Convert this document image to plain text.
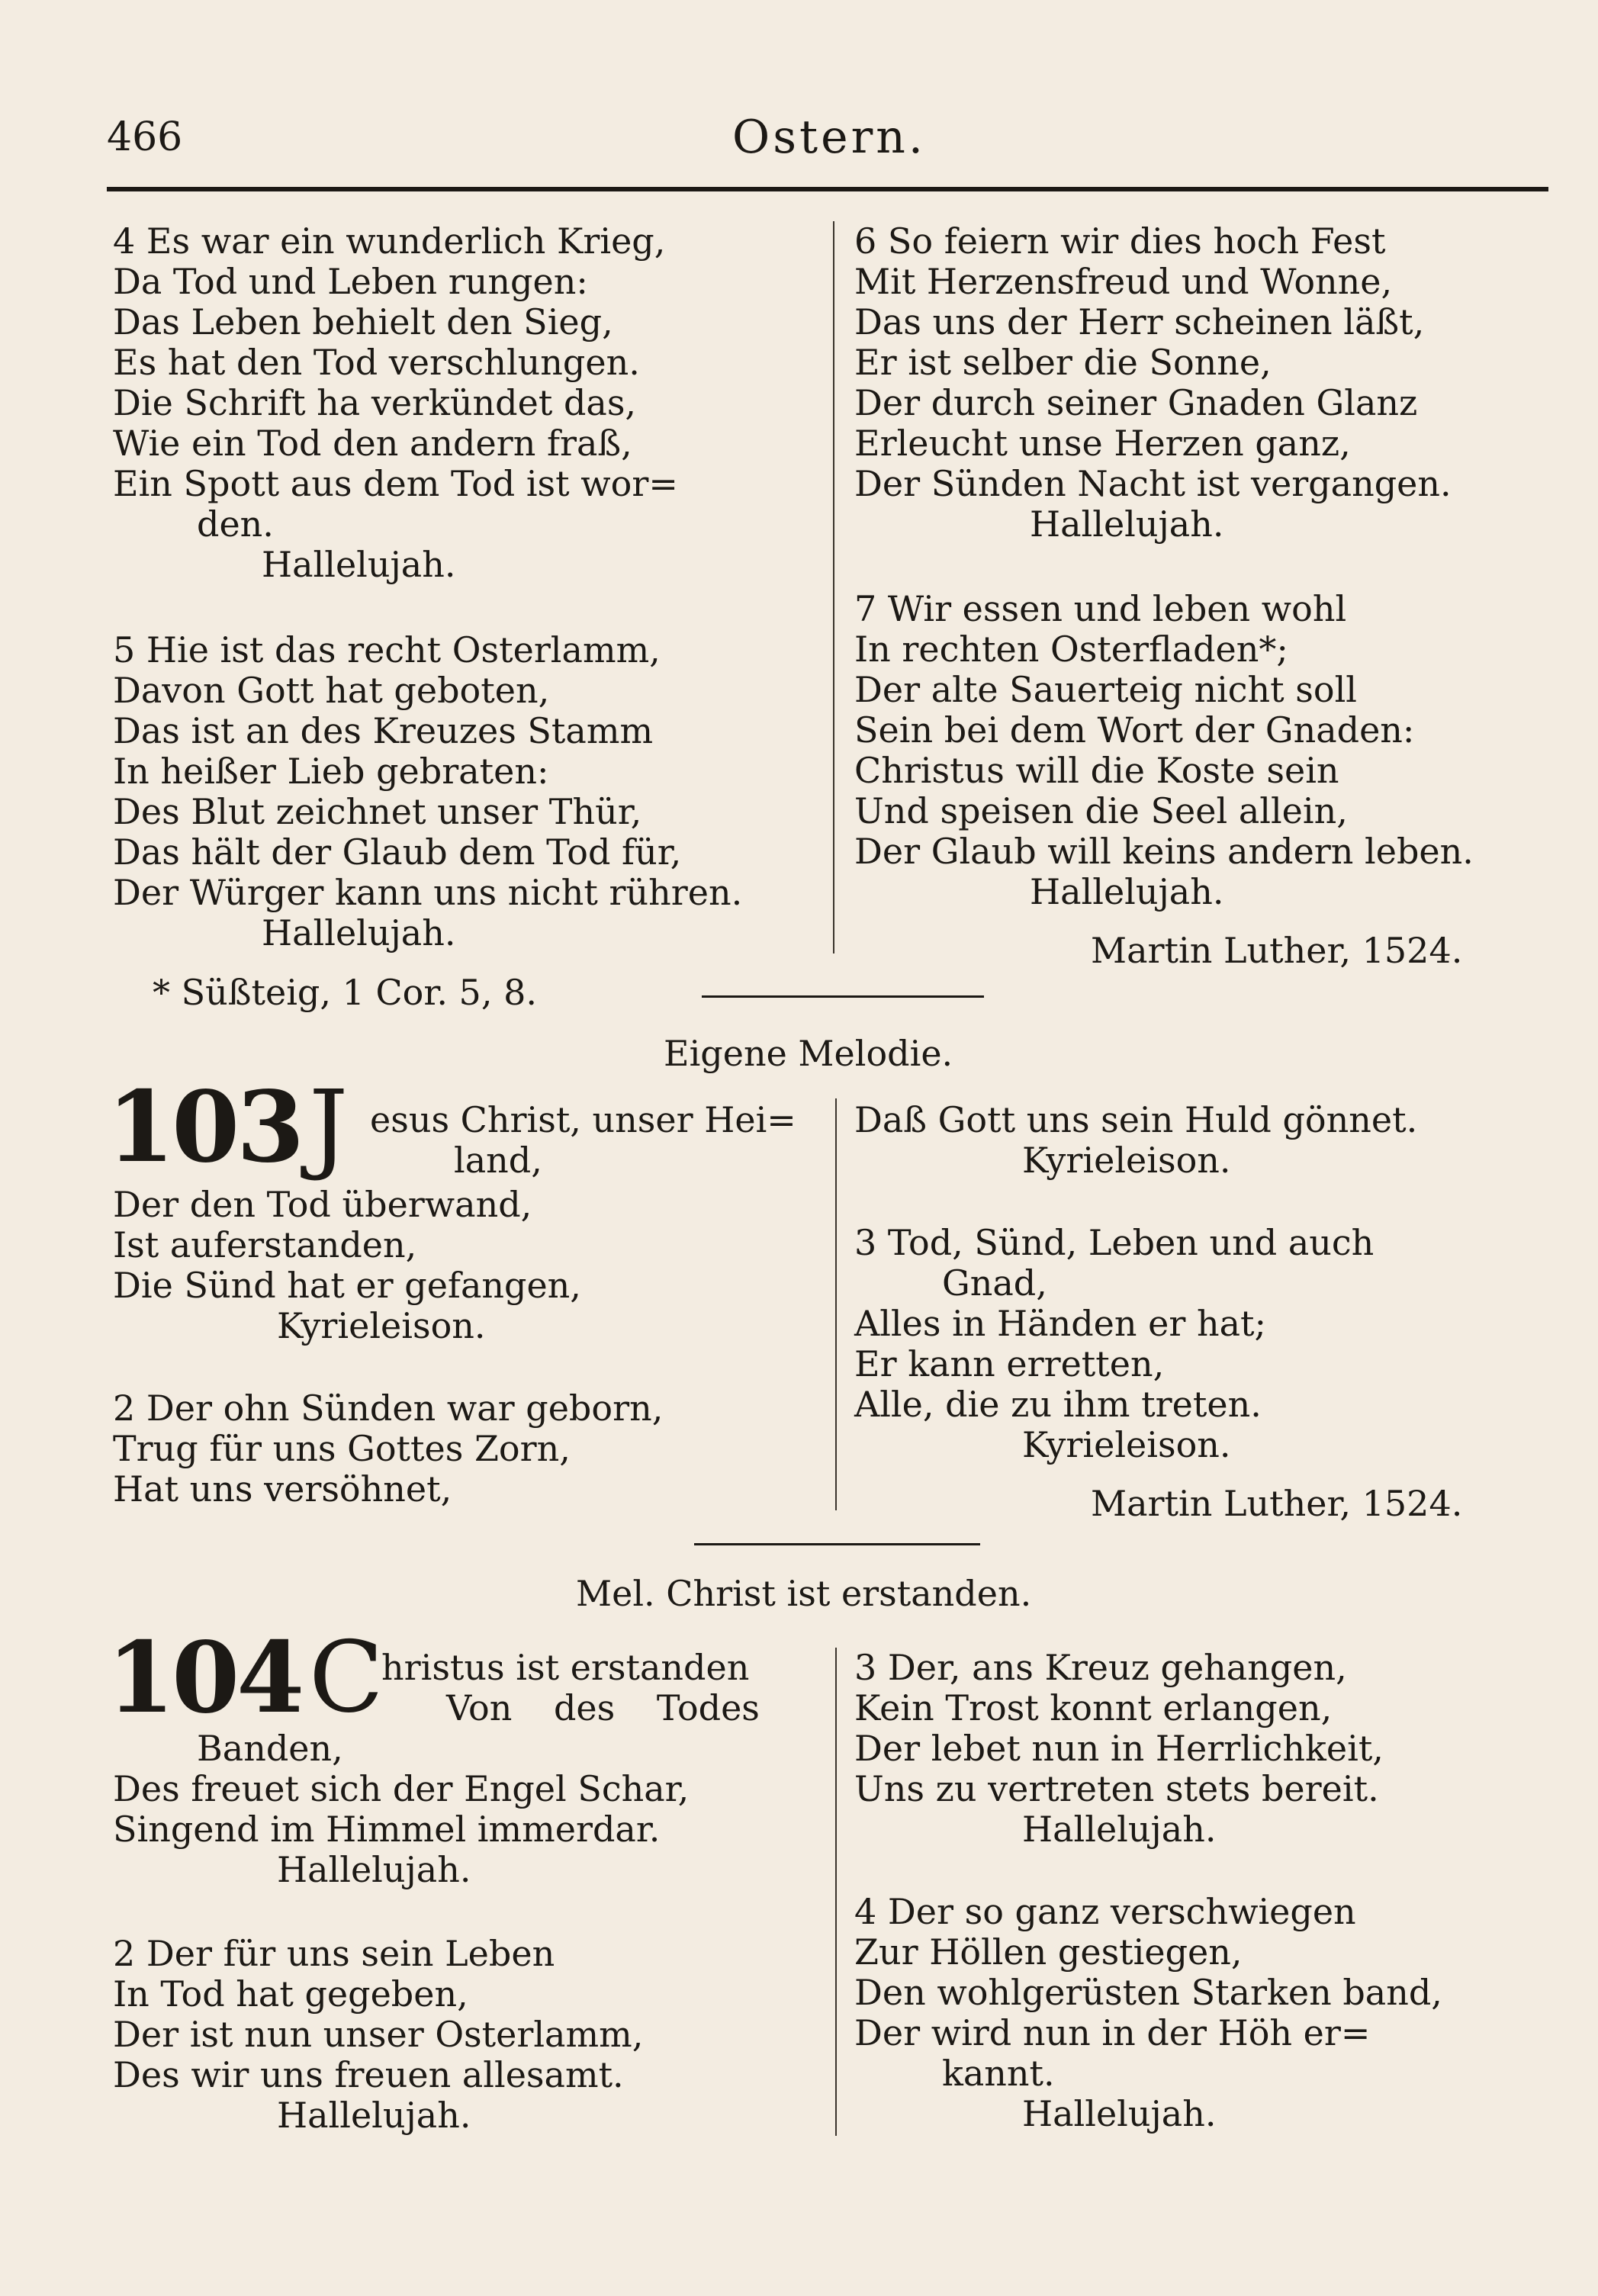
466	Ostern.
4 Es war ein wunderlich Krieg,
Da Tod und Leben rungen:
Das Leben behielt den Sieg,
Es hat den Tod verschlungen.
Die Schrift ha verkündet das,
Wie ein Tod den andern fraß,
Ein Spott aus dem Tod ist wor=
den.
Hallelujah.
5 Hie ist das recht Osterlamm,
Davon Gott hat geboten,
Das ist an des Kreuzes Stamm
In heißer Lieb gebraten:
Des Blut zeichnet unser Thür,
Das hält der Glaub dem Tod für,
Der Würger kann uns nicht rühren.
Hallelujah.
* Süßteig, 1 Cor. 5, 8.
6 So feiern wir dies hoch Fest
Mit Herzensfreud und Wonne,
Das uns der Herr scheinen läßt,
Er ist selber die Sonne,
Der durch seiner Gnaden Glanz
Erleucht unse Herzen ganz,
Der Sünden Nacht ist vergangen.
Hallelujah.
7 Wir essen und leben wohl
In rechten Osterfladen*;
Der alte Sauerteig nicht soll
Sein bei dem Wort der Gnaden:
Christus will die Koste sein
Und speisen die Seel allein,
Der Glaub will keins andern leben.
Hallelujah.
Martin Luther, 1524.
Eigene Melodie.
103 J esus Christ, unser Hei=
land,
Der den Tod überwand,
Ist auferstanden,
Die Sünd hat er gefangen,
Kyrieleison.
2 Der ohn Sünden war geborn,
Trug für uns Gottes Zorn,
Hat uns versöhnet,
Daß Gott uns sein Huld gönnet.
Kyrieleison.
3 Tod, Sünd, Leben und auch
Gnad,
Alles in Händen er hat;
Er kann erretten,
Alle, die zu ihm treten.
Kyrieleison.
Martin Luther, 1524.
Mel. Christ ist erstanden.
104 C
hristus ist erstanden
Von des Todes
Banden,
Des freuet sich der Engel Schar,
Singend im Himmel immerdar.
Hallelujah.
2 Der für uns sein Leben
In Tod hat gegeben,
Der ist nun unser Osterlamm,
Des wir uns freuen allesamt.
Hallelujah.
3 Der, ans Kreuz gehangen,
Kein Trost konnt erlangen,
Der lebet nun in Herrlichkeit,
Uns zu vertreten stets bereit.
Hallelujah.
4 Der so ganz verschwiegen
Zur Höllen gestiegen,
Den wohlgerüsten Starken band,
Der wird nun in der Höh er=
kannt.
Hallelujah.
